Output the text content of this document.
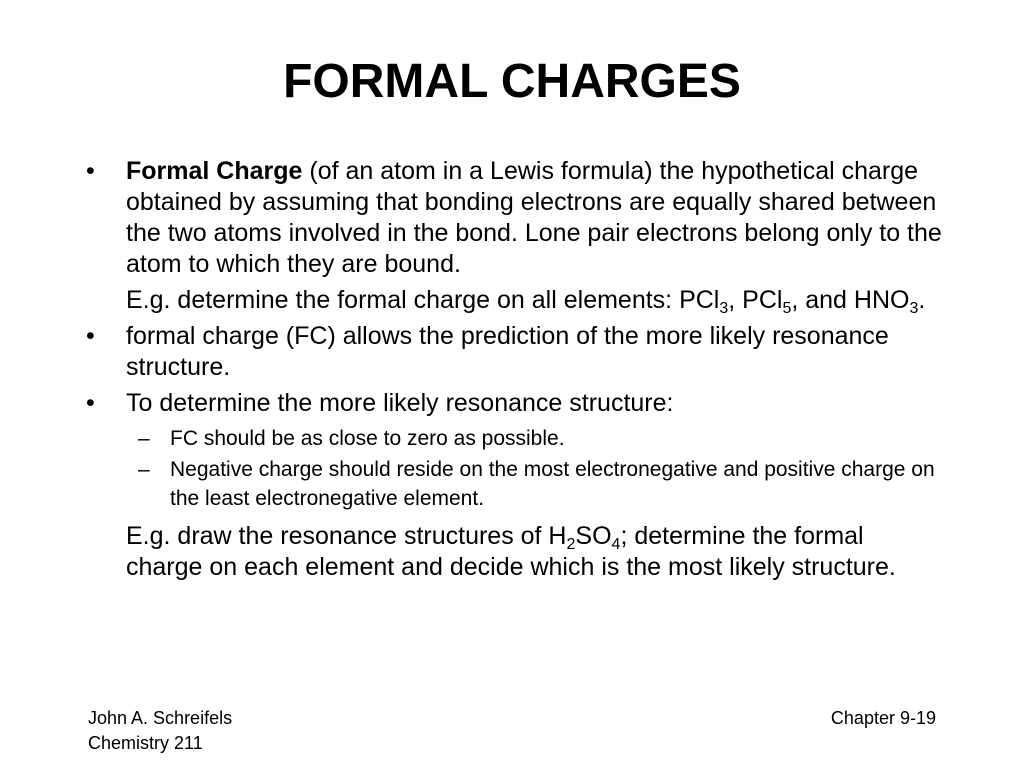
FORMAL CHARGES
• Formal Charge (of an atom in a Lewis formula) the hypothetical charge obtained by assuming that bonding electrons are equally shared between the two atoms involved in the bond. Lone pair electrons belong only to the atom to which they are bound.
E.g. determine the formal charge on all elements: PCl$_3$, PCl$_5$, and $HNO_3$.
• formal charge (FC) allows the prediction of the more likely resonance structure.
• To determine the more likely resonance structure:
– FC should be as close to zero as possible.
– Negative charge should reside on the most electronegative and positive charge on the least electronegative element.
E.g. draw the resonance structures of $H_2SO_4$; determine the formal charge on each element and decide which is the most likely structure.
John A. Schreifels
Chemistry 211
Chapter 9-19
